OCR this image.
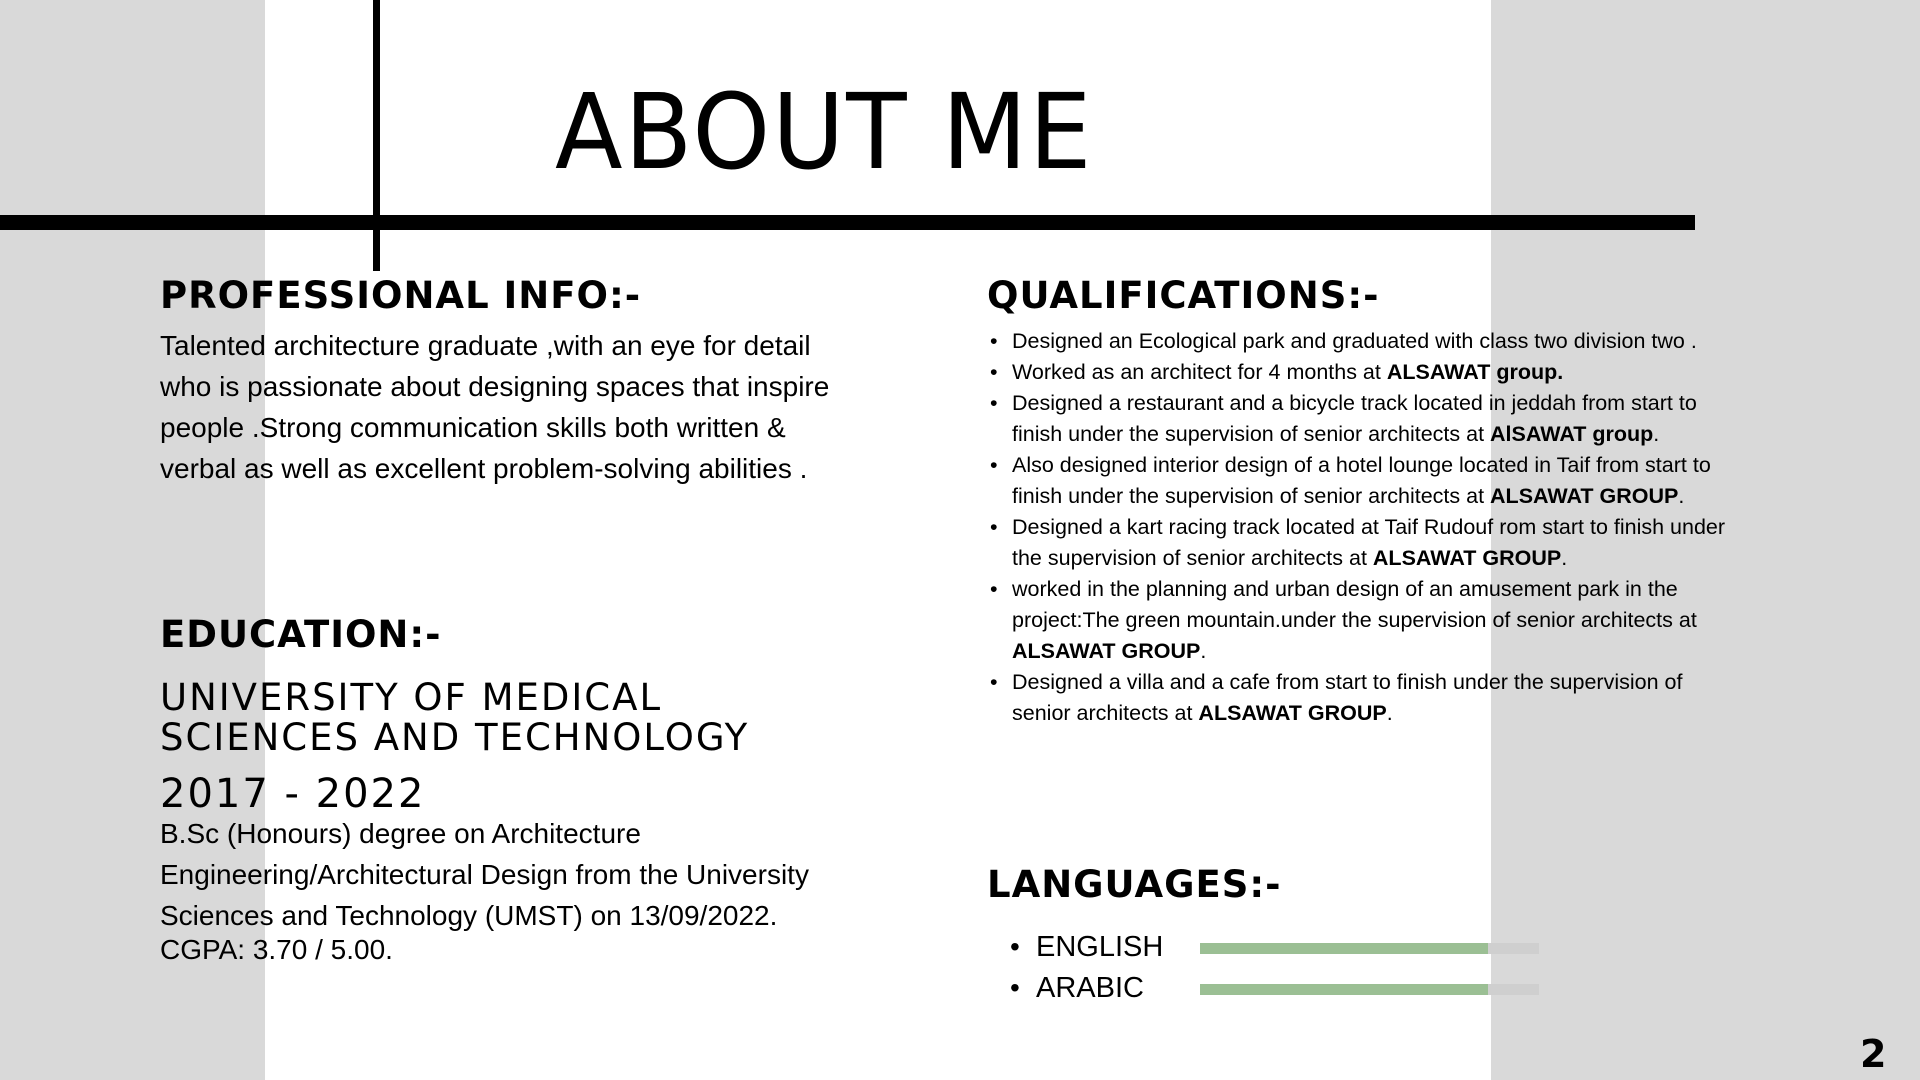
ABOUT ME
PROFESSIONAL INFO:-

Talented architecture graduate ,with an eye for detail who is passionate about designing spaces that inspire people .Strong communication skills both written & verbal as well as excellent problem-solving abilities .

EDUCATION:-

UNIVERSITY OF MEDICAL SCIENCES AND TECHNOLOGY

2017 - 2022

B.Sc (Honours) degree on Architecture Engineering/Architectural Design from the University Sciences and Technology (UMST) on 13/09/2022.

CGPA: 3.70 / 5.00.

QUALIFICATIONS:-
• Designed an Ecological park and graduated with class two division two .
• Worked as an architect for 4 months at ALSAWAT group.
• Designed a restaurant and a bicycle track located in jeddah from start to finish under the supervision of senior architects at AlSAWAT group.
• Also designed interior design of a hotel lounge located in Taif from start to finish under the supervision of senior architects at ALSAWAT GROUP.
• Designed a kart racing track located at Taif Rudouf rom start to finish under the supervision of senior architects at ALSAWAT GROUP.
• worked in the planning and urban design of an amusement park in the project:The green mountain.under the supervision of senior architects at ALSAWAT GROUP.
• Designed a villa and a cafe from start to finish under the supervision of senior architects at ALSAWAT GROUP.
LANGUAGES:-
• ENGLISH
• ARABIC

2
